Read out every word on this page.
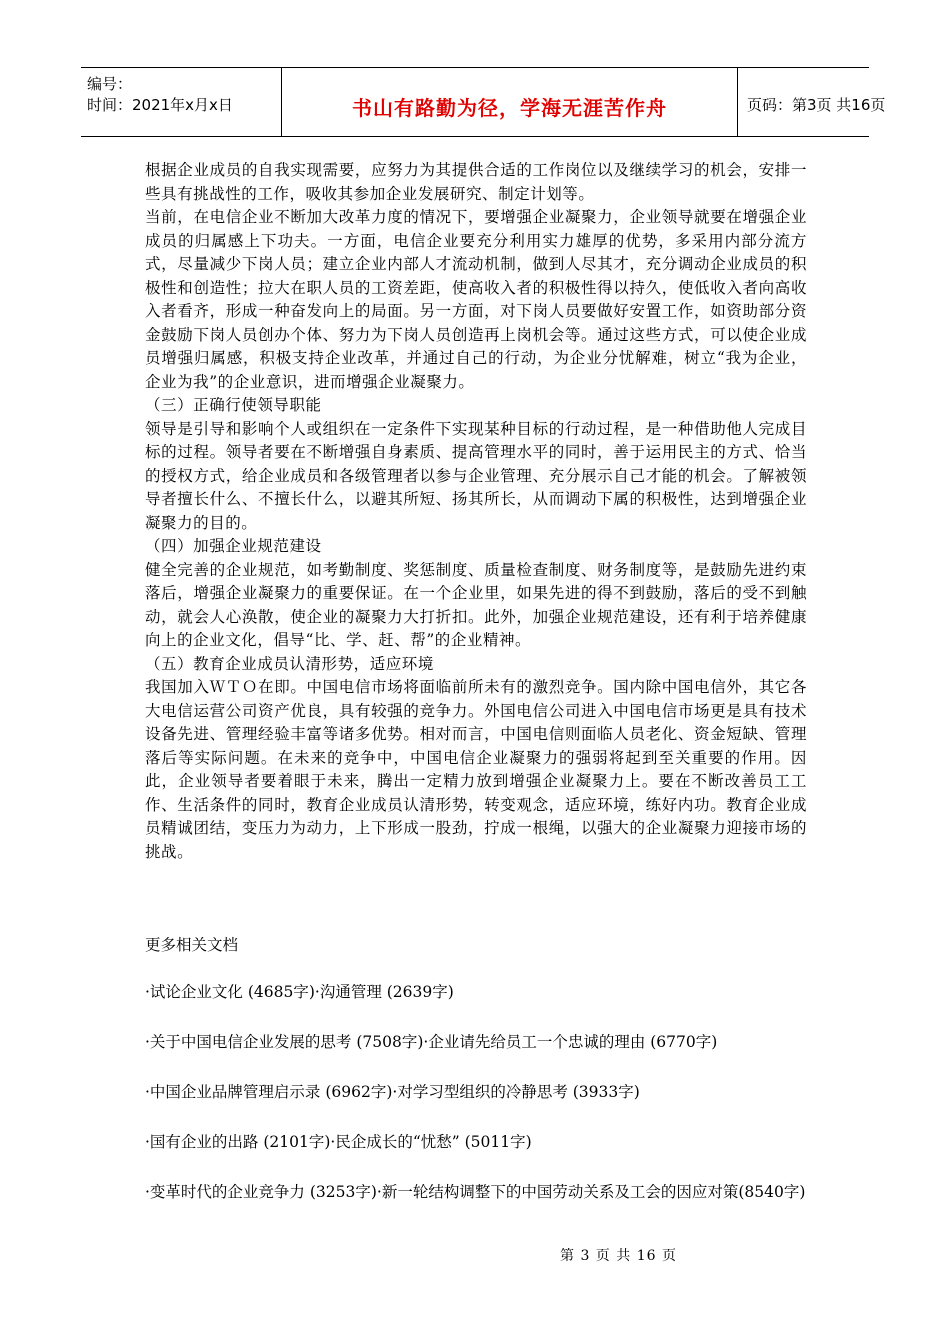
编号：
时间：2021年x月x日	书山有路勤为径，学海无涯苦作舟	页码：第3页 共16页

根据企业成员的自我实现需要，应努力为其提供合适的工作岗位以及继续学习的机会，安排一些具有挑战性的工作，吸收其参加企业发展研究、制定计划等。

当前，在电信企业不断加大改革力度的情况下，要增强企业凝聚力，企业领导就要在增强企业成员的归属感上下功夫。一方面，电信企业要充分利用实力雄厚的优势，多采用内部分流方式，尽量减少下岗人员；建立企业内部人才流动机制，做到人尽其才，充分调动企业成员的积极性和创造性；拉大在职人员的工资差距，使高收入者的积极性得以持久，使低收入者向高收入者看齐，形成一种奋发向上的局面。另一方面，对下岗人员要做好安置工作，如资助部分资金鼓励下岗人员创办个体、努力为下岗人员创造再上岗机会等。通过这些方式，可以使企业成员增强归属感，积极支持企业改革，并通过自己的行动，为企业分忧解难，树立“我为企业，企业为我”的企业意识，进而增强企业凝聚力。

（三）正确行使领导职能

领导是引导和影响个人或组织在一定条件下实现某种目标的行动过程，是一种借助他人完成目标的过程。领导者要在不断增强自身素质、提高管理水平的同时，善于运用民主的方式、恰当的授权方式，给企业成员和各级管理者以参与企业管理、充分展示自己才能的机会。了解被领导者擅长什么、不擅长什么，以避其所短、扬其所长，从而调动下属的积极性，达到增强企业凝聚力的目的。

（四）加强企业规范建设

健全完善的企业规范，如考勤制度、奖惩制度、质量检查制度、财务制度等，是鼓励先进约束落后，增强企业凝聚力的重要保证。在一个企业里，如果先进的得不到鼓励，落后的受不到触动，就会人心涣散，使企业的凝聚力大打折扣。此外，加强企业规范建设，还有利于培养健康向上的企业文化，倡导“比、学、赶、帮”的企业精神。

（五）教育企业成员认清形势，适应环境

我国加入ＷＴＯ在即。中国电信市场将面临前所未有的激烈竞争。国内除中国电信外，其它各大电信运营公司资产优良，具有较强的竞争力。外国电信公司进入中国电信市场更是具有技术设备先进、管理经验丰富等诸多优势。相对而言，中国电信则面临人员老化、资金短缺、管理落后等实际问题。在未来的竞争中，中国电信企业凝聚力的强弱将起到至关重要的作用。因此，企业领导者要着眼于未来，腾出一定精力放到增强企业凝聚力上。要在不断改善员工工作、生活条件的同时，教育企业成员认清形势，转变观念，适应环境，练好内功。教育企业成员精诚团结，变压力为动力，上下形成一股劲，拧成一根绳，以强大的企业凝聚力迎接市场的挑战。

更多相关文档
·试论企业文化 (4685字)·沟通管理 (2639字)
·关于中国电信企业发展的思考 (7508字)·企业请先给员工一个忠诚的理由 (6770字)
·中国企业品牌管理启示录 (6962字)·对学习型组织的冷静思考 (3933字)
·国有企业的出路 (2101字)·民企成长的“忧愁” (5011字)
·变革时代的企业竞争力 (3253字)·新一轮结构调整下的中国劳动关系及工会的因应对策(8540字)
第 3 页 共 16 页
